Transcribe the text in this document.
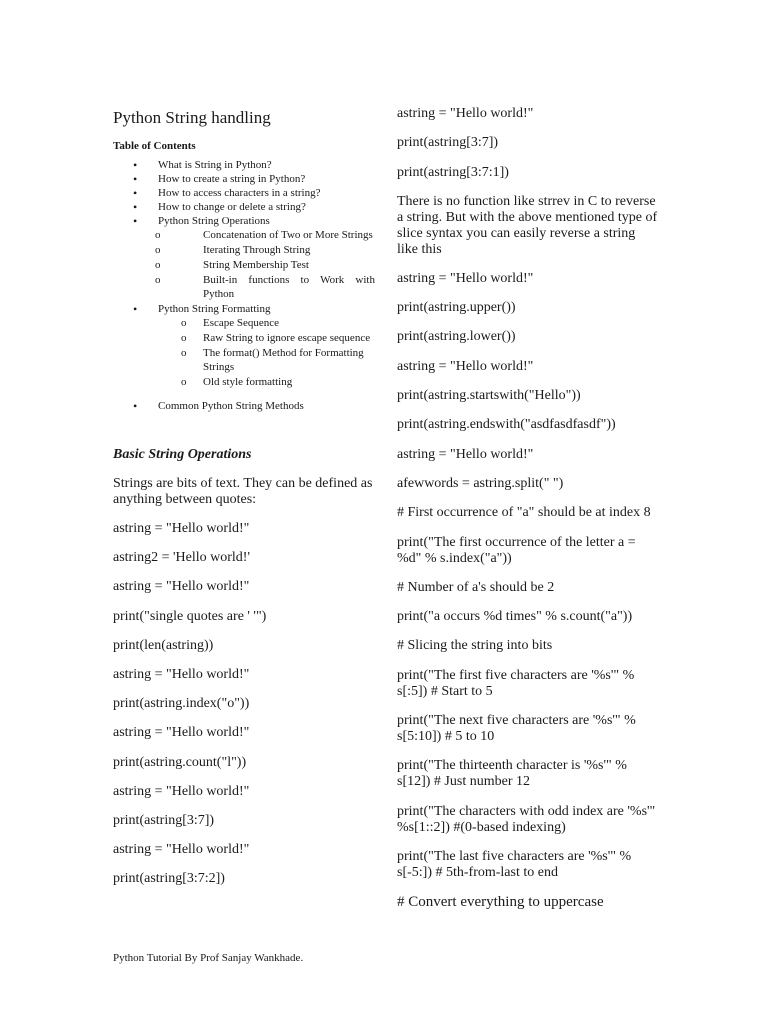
Python String handling
Table of Contents

• What is String in Python?

• How to create a string in Python?

• How to access characters in a string?

• How to change or delete a string?

• Python String Operations

o Concatenation of Two or More Strings

o Iterating Through String

o String Membership Test

o Built-in functions to Work with Python

• Python String Formatting

o Escape Sequence

o Raw String to ignore escape sequence

o The format() Method for Formatting Strings

o Old style formatting

• Common Python String Methods

Basic String Operations

Strings are bits of text. They can be defined as anything between quotes:

astring = "Hello world!"

astring2 = 'Hello world!'

astring = "Hello world!"

print("single quotes are ' '")

print(len(astring))

astring = "Hello world!"

print(astring.index("o"))

astring = "Hello world!"

print(astring.count("l"))

astring = "Hello world!"

print(astring[3:7])

astring = "Hello world!"

print(astring[3:7:2])

astring = "Hello world!"

print(astring[3:7])

print(astring[3:7:1])

There is no function like strrev in C to reverse a string. But with the above mentioned type of slice syntax you can easily reverse a string like this

astring = "Hello world!"

print(astring.upper())

print(astring.lower())

astring = "Hello world!"

print(astring.startswith("Hello"))

print(astring.endswith("asdfasdfasdf"))

astring = "Hello world!"

afewwords = astring.split(" ")

# First occurrence of "a" should be at index 8

print("The first occurrence of the letter a = %d" % s.index("a"))

# Number of a's should be 2

print("a occurs %d times" % s.count("a"))

# Slicing the string into bits

print("The first five characters are '%s'" % s[:5]) # Start to 5

print("The next five characters are '%s'" % s[5:10]) # 5 to 10

print("The thirteenth character is '%s'" % s[12]) # Just number 12

print("The characters with odd index are '%s'" %s[1::2]) #(0-based indexing)

print("The last five characters are '%s'" % s[-5:]) # 5th-from-last to end

# Convert everything to uppercase

Python Tutorial By Prof Sanjay Wankhade.
